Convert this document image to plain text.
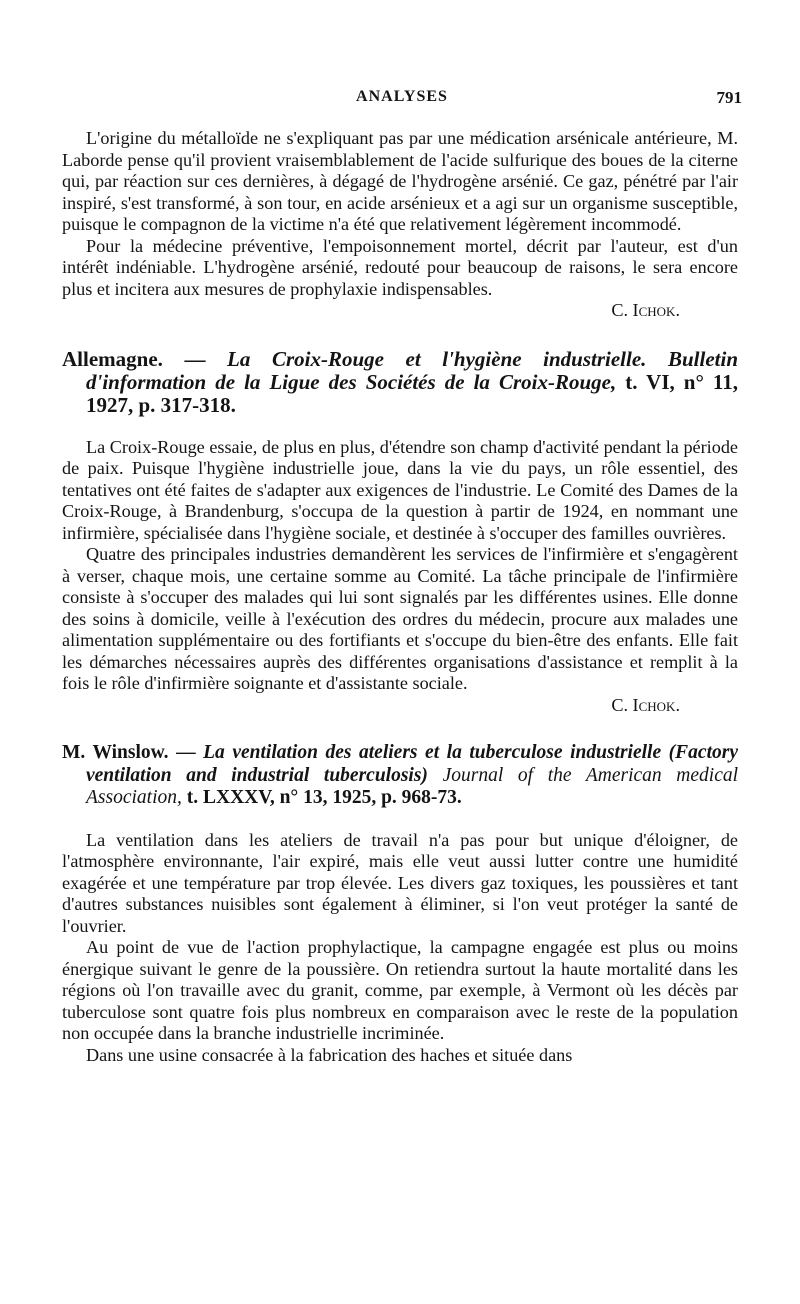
ANALYSES	791

L'origine du métalloïde ne s'expliquant pas par une médication arsénicale antérieure, M. Laborde pense qu'il provient vraisemblablement de l'acide sulfurique des boues de la citerne qui, par réaction sur ces dernières, à dégagé de l'hydrogène arsénié. Ce gaz, pénétré par l'air inspiré, s'est transformé, à son tour, en acide arsénieux et a agi sur un organisme susceptible, puisque le compagnon de la victime n'a été que relativement légèrement incommodé.

Pour la médecine préventive, l'empoisonnement mortel, décrit par l'auteur, est d'un intérêt indéniable. L'hydrogène arsénié, redouté pour beaucoup de raisons, le sera encore plus et incitera aux mesures de prophylaxie indispensables.
C. Ichok.

Allemagne. — La Croix-Rouge et l'hygiène industrielle. Bulletin d'information de la Ligue des Sociétés de la Croix-Rouge, t. VI, n° 11, 1927, p. 317-318.

La Croix-Rouge essaie, de plus en plus, d'étendre son champ d'activité pendant la période de paix. Puisque l'hygiène industrielle joue, dans la vie du pays, un rôle essentiel, des tentatives ont été faites de s'adapter aux exigences de l'industrie. Le Comité des Dames de la Croix-Rouge, à Brandenburg, s'occupa de la question à partir de 1924, en nommant une infirmière, spécialisée dans l'hygiène sociale, et destinée à s'occuper des familles ouvrières.

Quatre des principales industries demandèrent les services de l'infirmière et s'engagèrent à verser, chaque mois, une certaine somme au Comité. La tâche principale de l'infirmière consiste à s'occuper des malades qui lui sont signalés par les différentes usines. Elle donne des soins à domicile, veille à l'exécution des ordres du médecin, procure aux malades une alimentation supplémentaire ou des fortifiants et s'occupe du bien-être des enfants. Elle fait les démarches nécessaires auprès des différentes organisations d'assistance et remplit à la fois le rôle d'infirmière soignante et d'assistante sociale.
C. Ichok.

M. Winslow. — La ventilation des ateliers et la tuberculose industrielle (Factory ventilation and industrial tuberculosis) Journal of the American medical Association, t. LXXXV, n° 13, 1925, p. 968-73.

La ventilation dans les ateliers de travail n'a pas pour but unique d'éloigner, de l'atmosphère environnante, l'air expiré, mais elle veut aussi lutter contre une humidité exagérée et une température par trop élevée. Les divers gaz toxiques, les poussières et tant d'autres substances nuisibles sont également à éliminer, si l'on veut protéger la santé de l'ouvrier.

Au point de vue de l'action prophylactique, la campagne engagée est plus ou moins énergique suivant le genre de la poussière. On retiendra surtout la haute mortalité dans les régions où l'on travaille avec du granit, comme, par exemple, à Vermont où les décès par tuberculose sont quatre fois plus nombreux en comparaison avec le reste de la population non occupée dans la branche industrielle incriminée.

Dans une usine consacrée à la fabrication des haches et située dans
